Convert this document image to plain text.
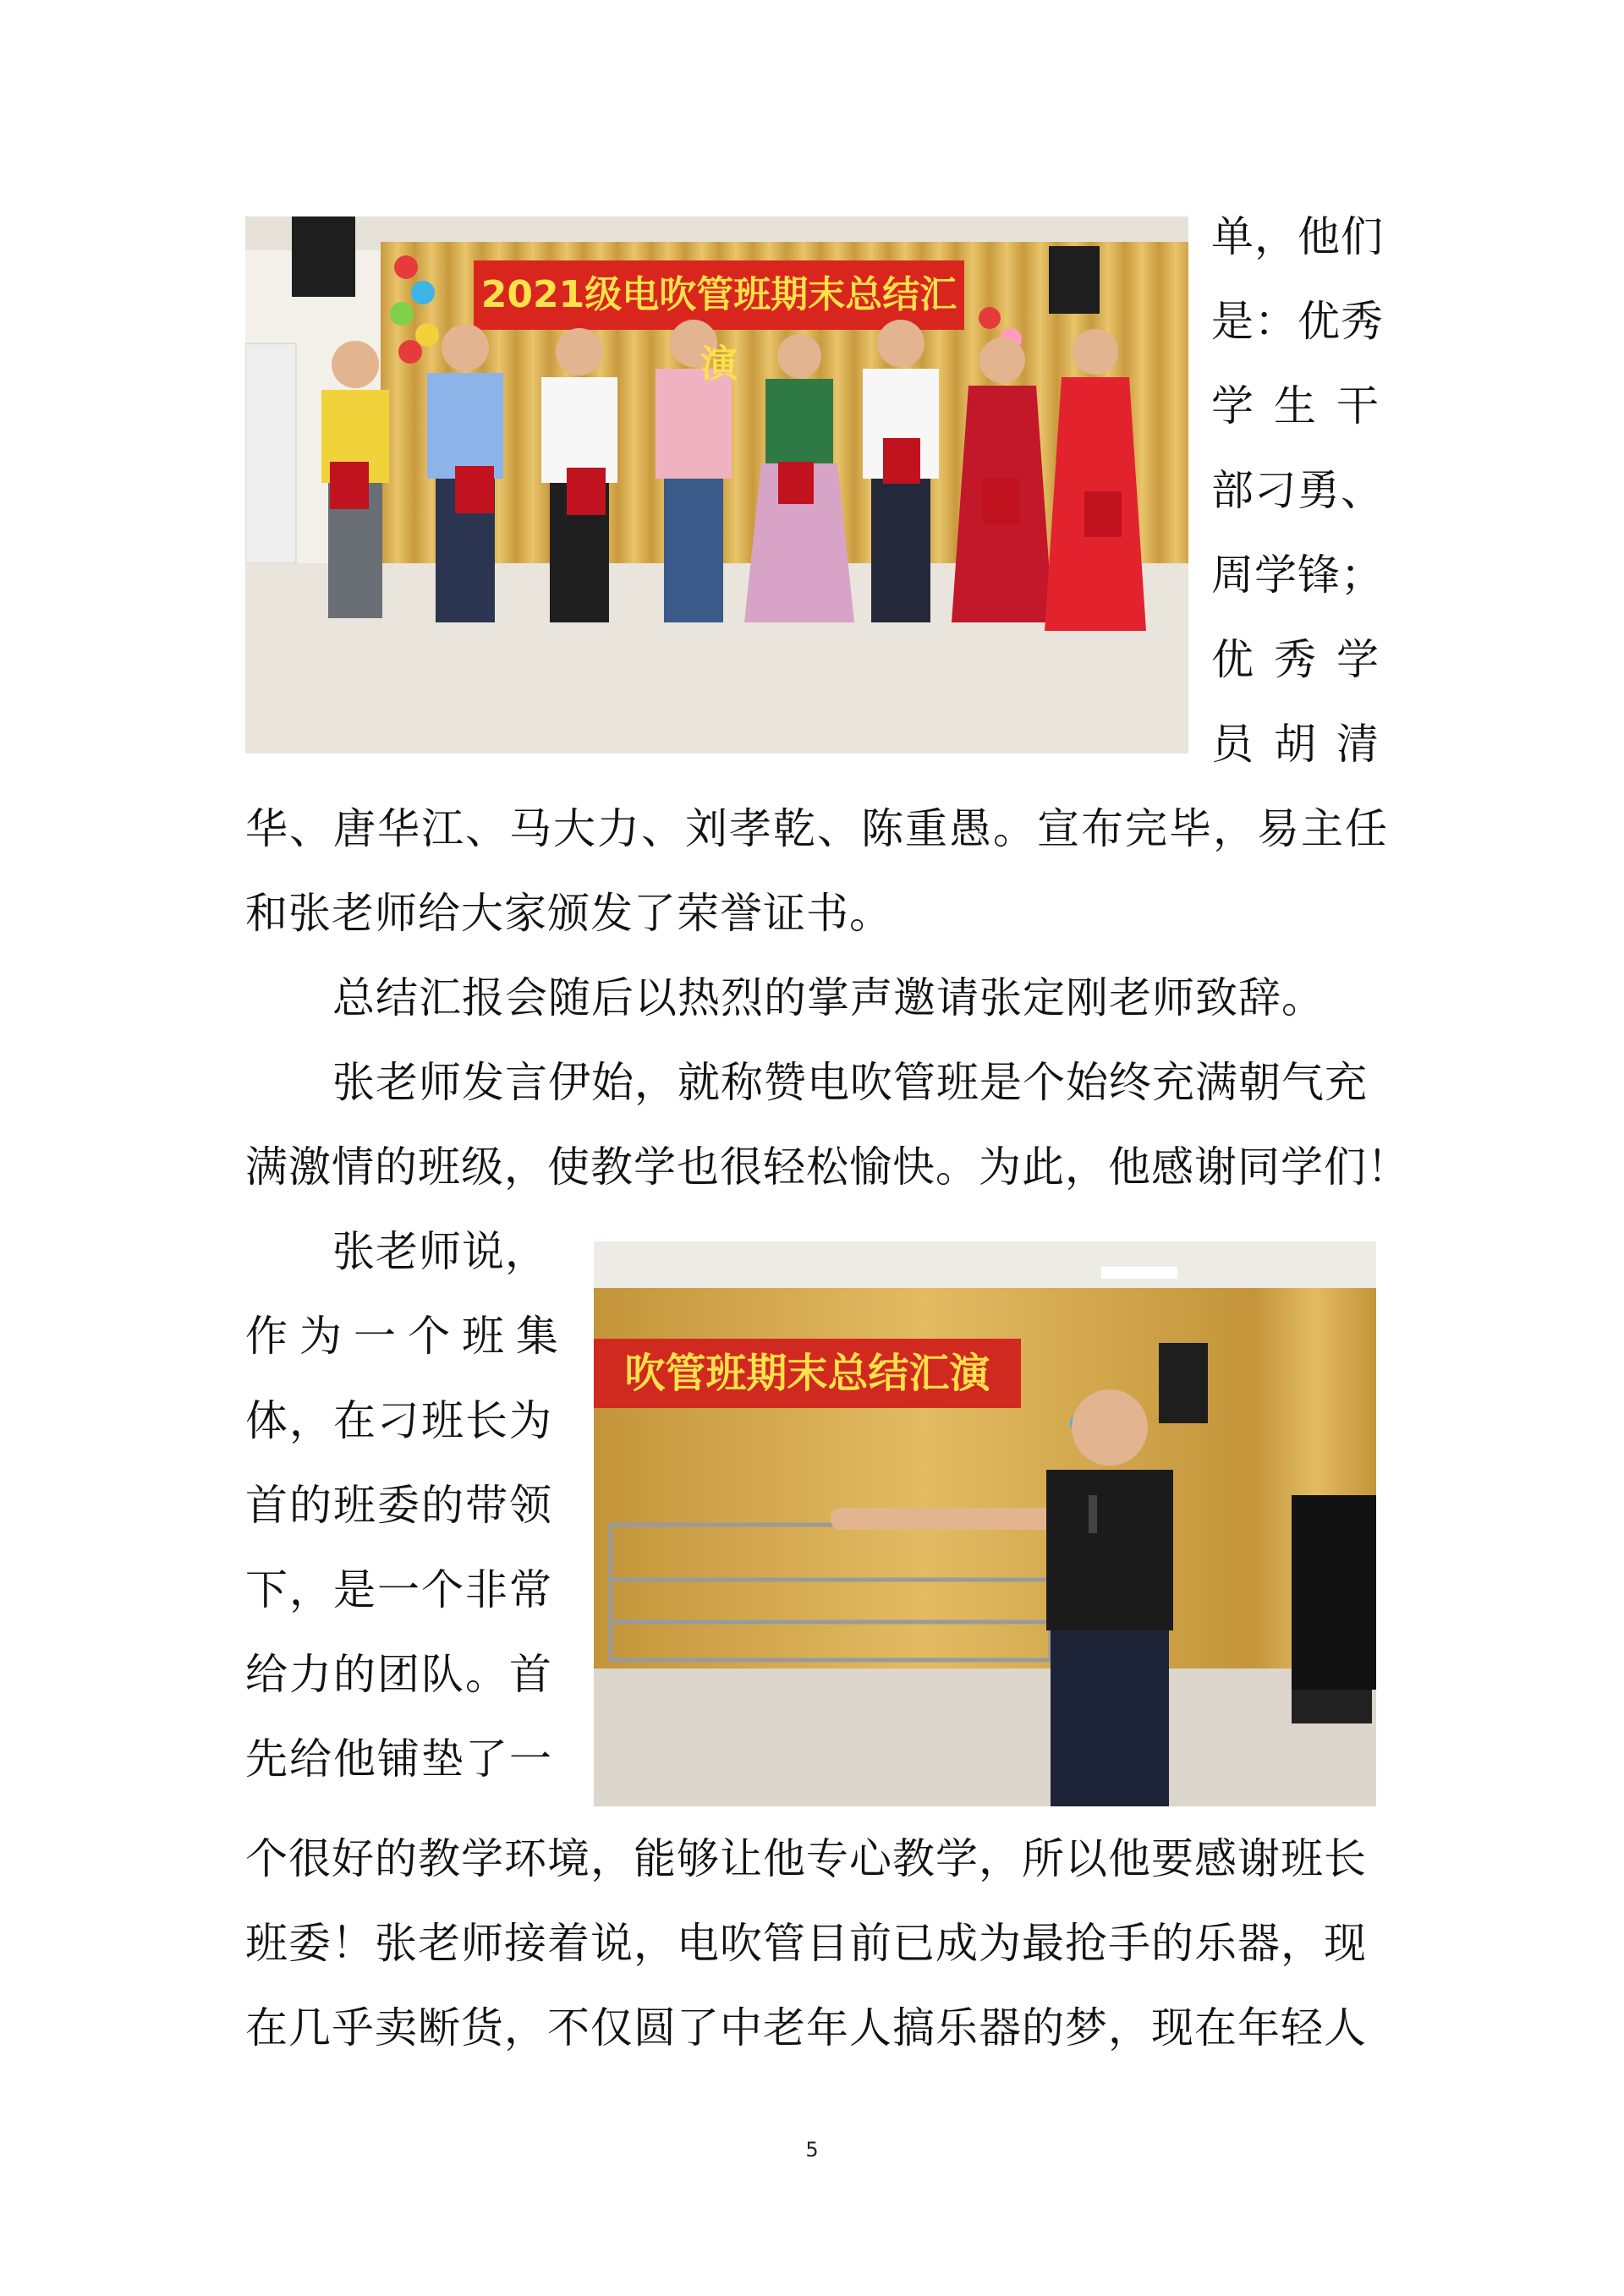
2021级电吹管班期末总结汇演
单，他们
是：优秀
学生干
部刁勇、
周学锋；
优秀学
员胡清
华、唐华江、马大力、刘孝乾、陈重愚。宣布完毕，易主任
和张老师给大家颁发了荣誉证书。
总结汇报会随后以热烈的掌声邀请张定刚老师致辞。
张老师发言伊始，就称赞电吹管班是个始终充满朝气充
满激情的班级，使教学也很轻松愉快。为此，他感谢同学们！
吹管班期末总结汇演
张老师说，
作为一个班集
体，在刁班长为
首的班委的带领
下，是一个非常
给力的团队。首
先给他铺垫了一
个很好的教学环境，能够让他专心教学，所以他要感谢班长
班委！张老师接着说，电吹管目前已成为最抢手的乐器，现
在几乎卖断货，不仅圆了中老年人搞乐器的梦，现在年轻人
5
